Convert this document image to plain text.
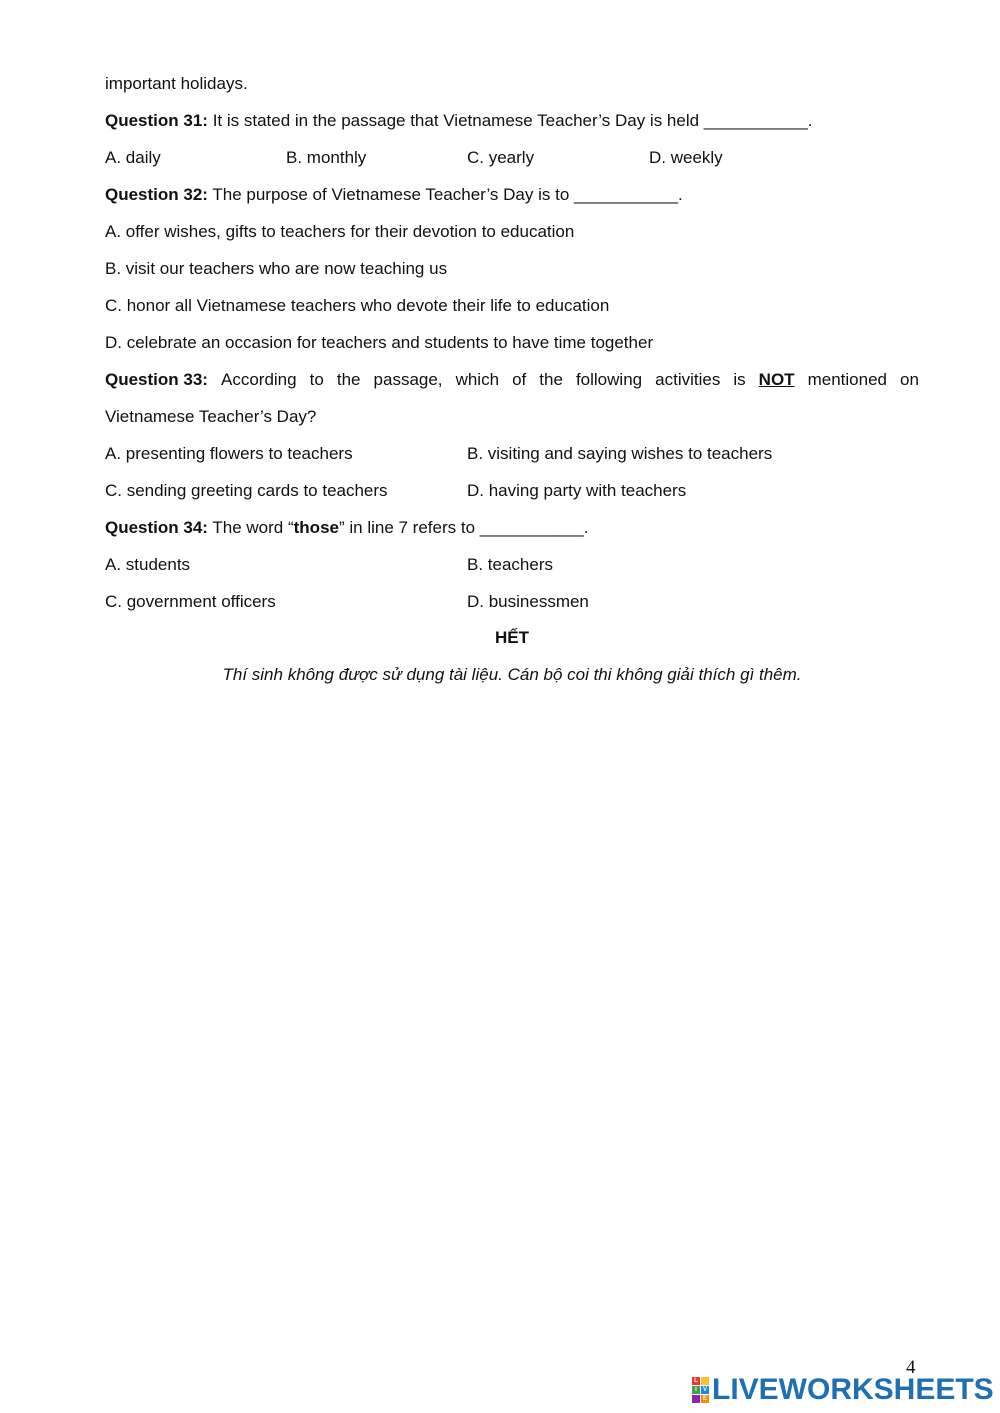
important holidays.
Question 31: It is stated in the passage that Vietnamese Teacher’s Day is held ___________.
A. daily	B. monthly	C. yearly	D. weekly
Question 32: The purpose of Vietnamese Teacher’s Day is to ___________.
A. offer wishes, gifts to teachers for their devotion to education
B. visit our teachers who are now teaching us
C. honor all Vietnamese teachers who devote their life to education
D. celebrate an occasion for teachers and students to have time together
Question 33: According to the passage, which of the following activities is NOT mentioned on
Vietnamese Teacher’s Day?
A. presenting flowers to teachers	B. visiting and saying wishes to teachers
C. sending greeting cards to teachers	D. having party with teachers
Question 34: The word “those” in line 7 refers to ___________.
A. students	B. teachers
C. government officers	D. businessmen
HẾT
Thí sinh không được sử dụng tài liệu. Cán bộ coi thi không giải thích gì thêm.
4
L
I	V
E LIVEWORKSHEETS
